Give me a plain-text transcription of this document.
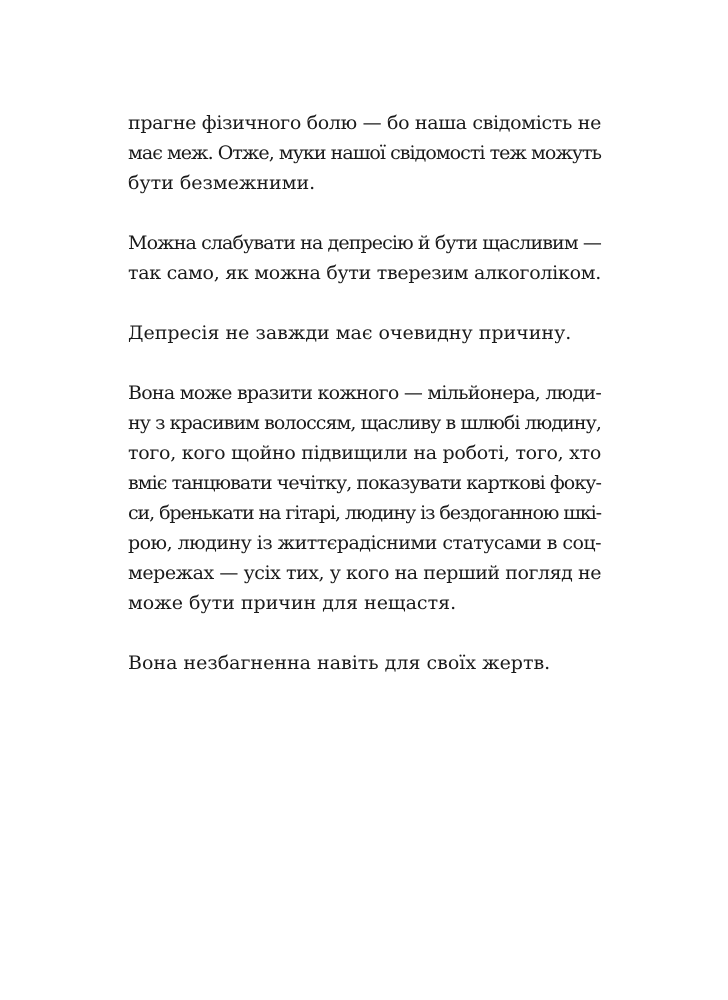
прагне фізичного болю — бо наша свідомість не
має меж. Отже, муки нашої свідомості теж можуть
бути безмежними.

Можна слабувати на депресію й бути щасливим —
так само, як можна бути тверезим алкоголіком.

Депресія не завжди має очевидну причину.

Вона може вразити кожного — мільйонера, люди-
ну з красивим волоссям, щасливу в шлюбі людину,
того, кого щойно підвищили на роботі, того, хто
вміє танцювати чечітку, показувати карткові фоку-
си, бренькати на гітарі, людину із бездоганною шкі-
рою, людину із життєрадісними статусами в соц-
мережах — усіх тих, у кого на перший погляд не
може бути причин для нещастя.

Вона незбагненна навіть для своїх жертв.
